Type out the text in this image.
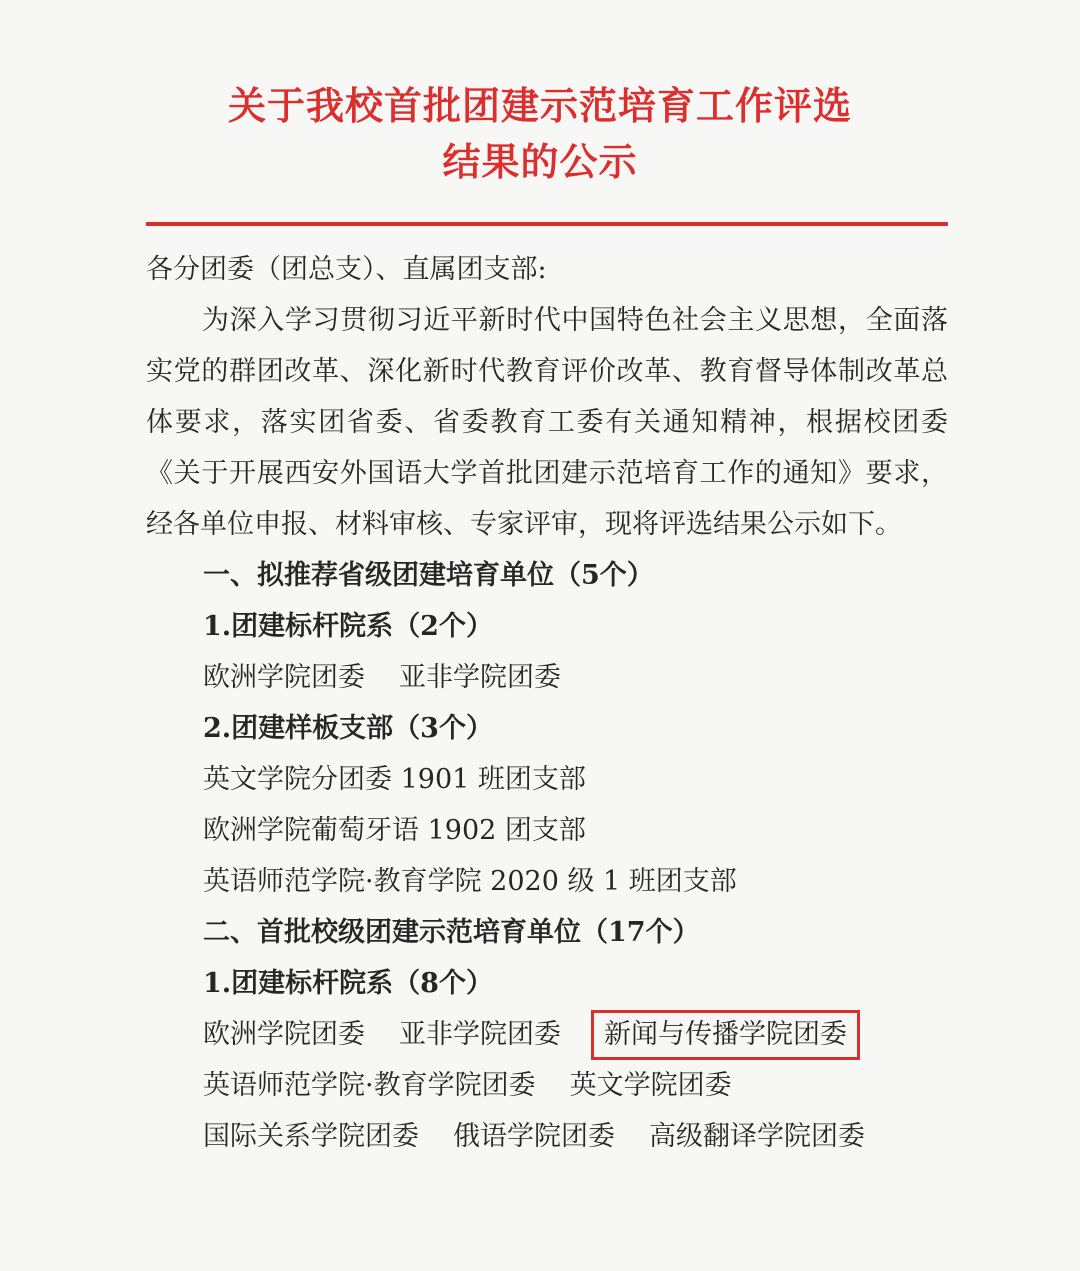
关于我校首批团建示范培育工作评选
结果的公示
各分团委（团总支）、直属团支部:

为深入学习贯彻习近平新时代中国特色社会主义思想，全面落实党的群团改革、深化新时代教育评价改革、教育督导体制改革总体要求，落实团省委、省委教育工委有关通知精神，根据校团委《关于开展西安外国语大学首批团建示范培育工作的通知》要求，经各单位申报、材料审核、专家评审，现将评选结果公示如下。

一、拟推荐省级团建培育单位（5个）
1.团建标杆院系（2个）
欧洲学院团委 亚非学院团委
2.团建样板支部（3个）
英文学院分团委 1901 班团支部
欧洲学院葡萄牙语 1902 团支部
英语师范学院·教育学院 2020 级 1 班团支部
二、首批校级团建示范培育单位（17个）
1.团建标杆院系（8个）
欧洲学院团委 亚非学院团委 新闻与传播学院团委
英语师范学院·教育学院团委 英文学院团委
国际关系学院团委 俄语学院团委 高级翻译学院团委
